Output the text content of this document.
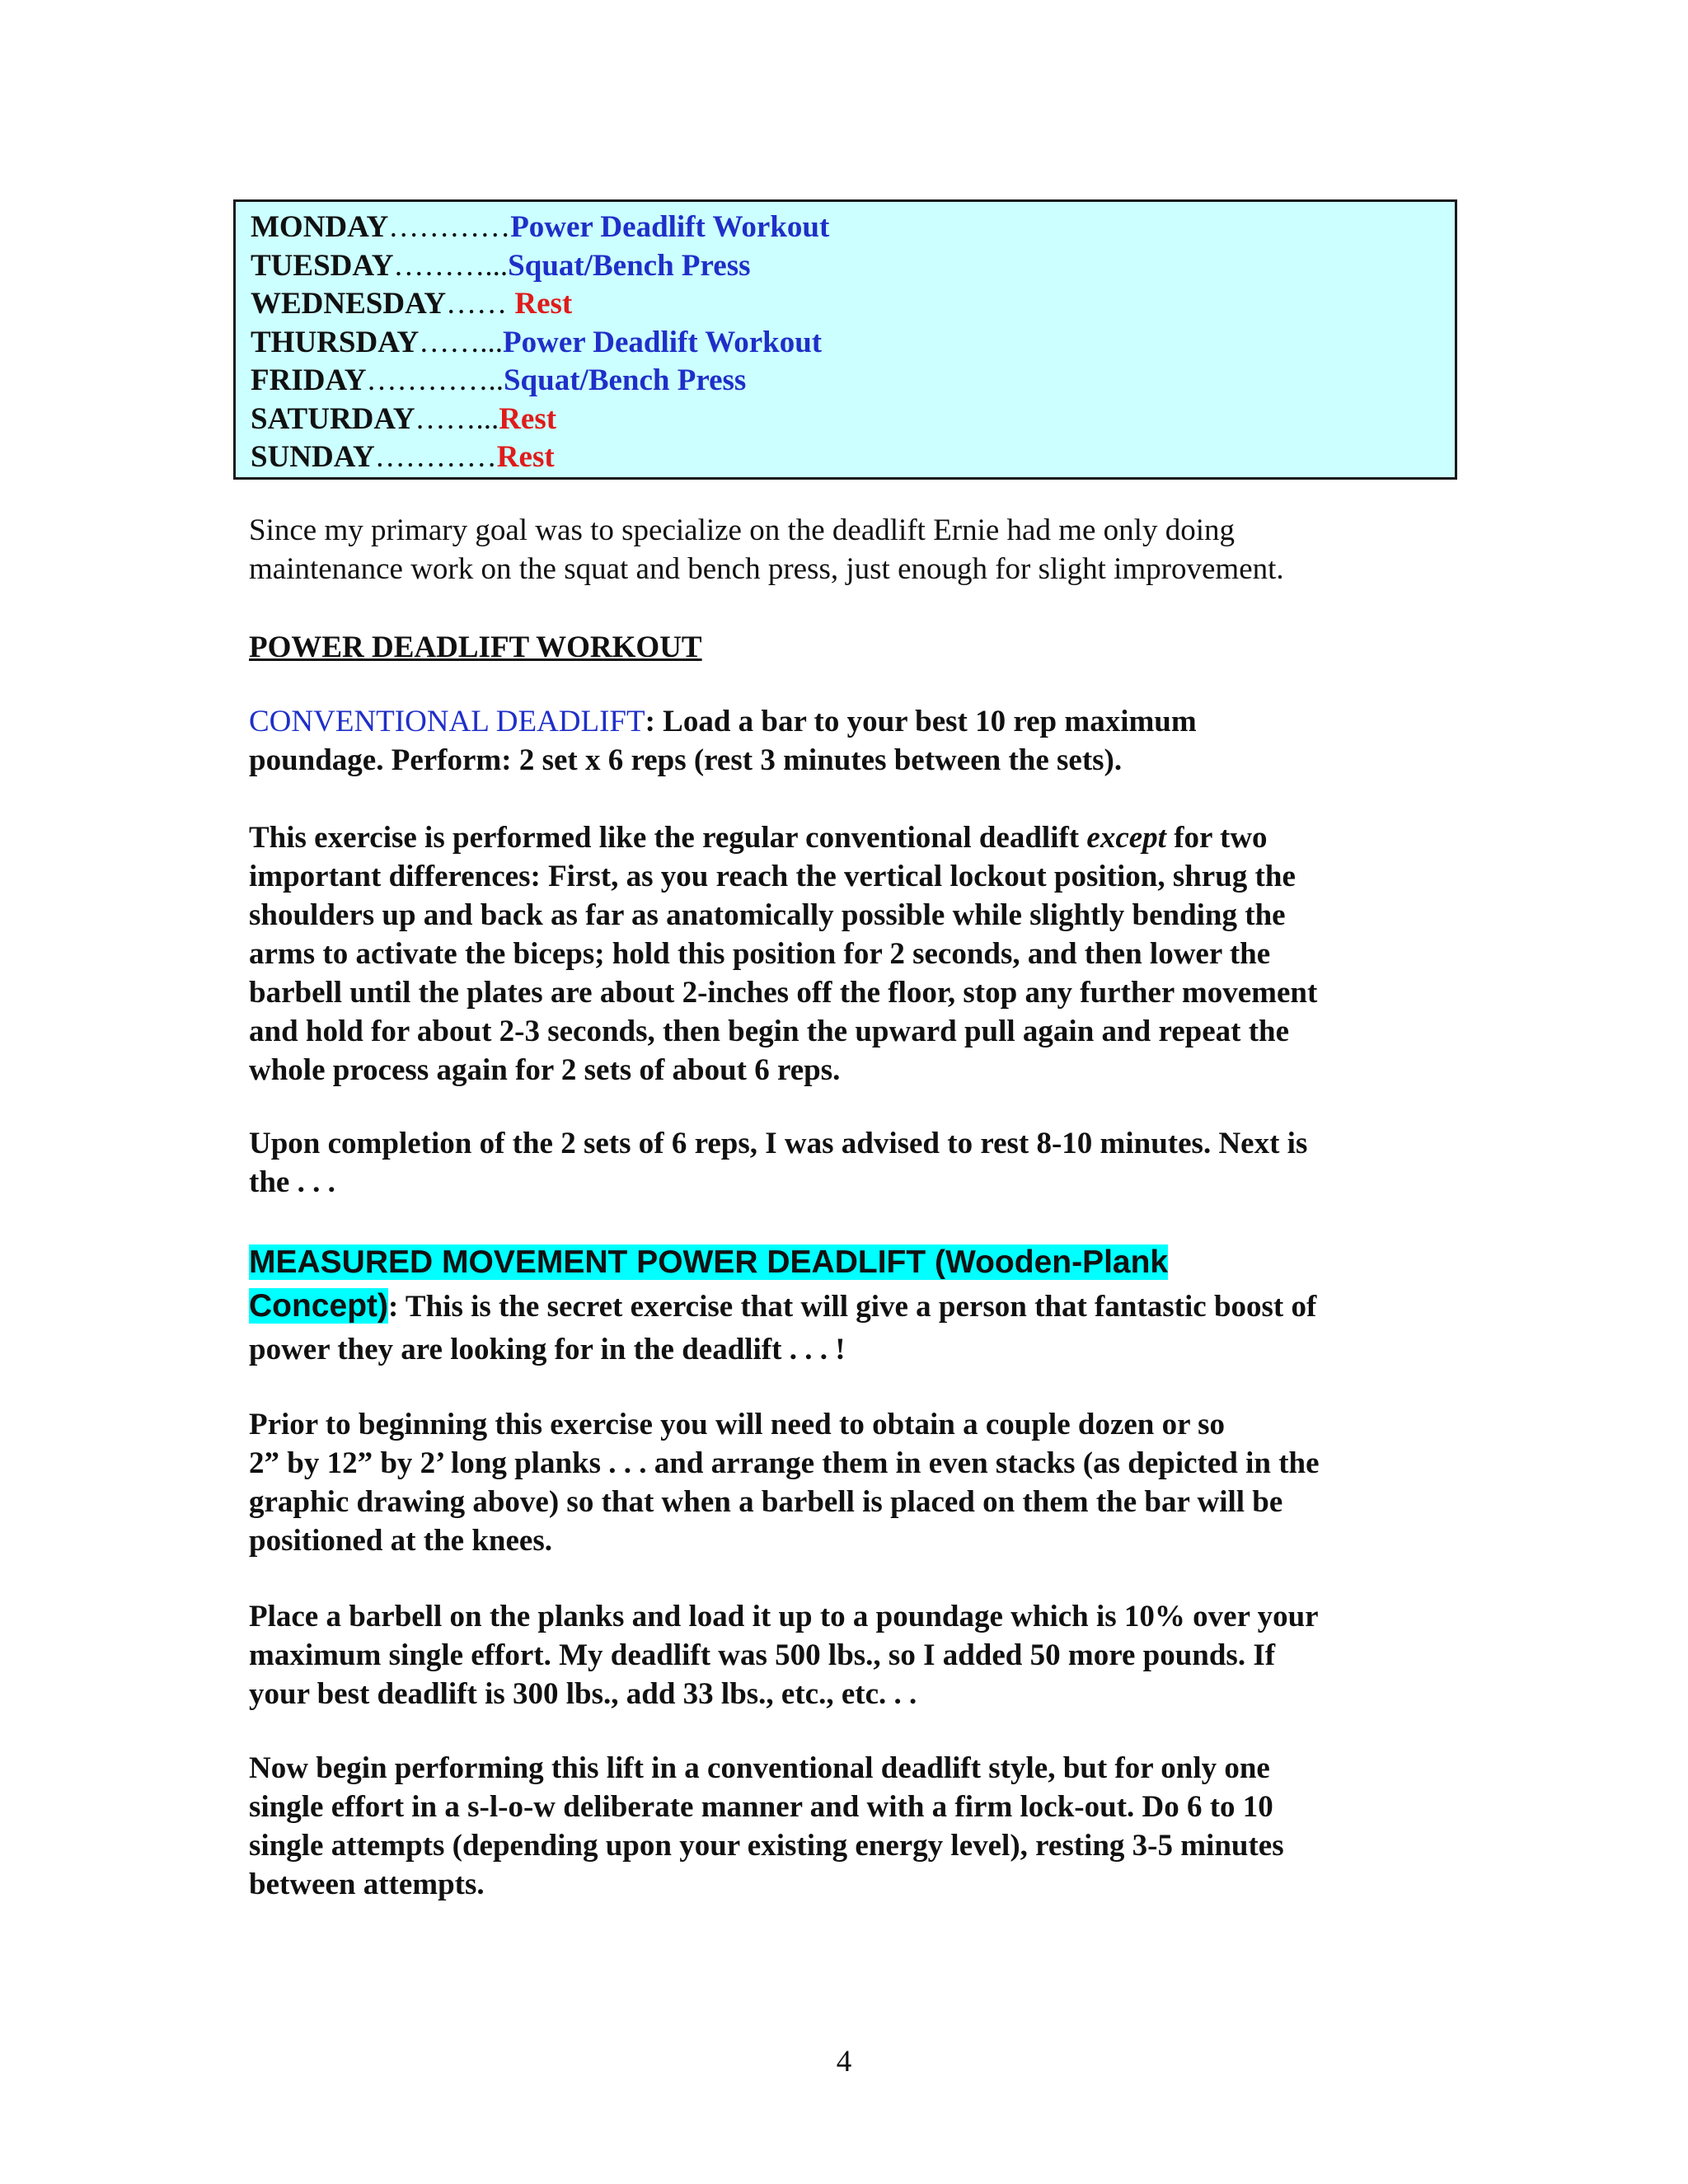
MONDAY…………Power Deadlift Workout
TUESDAY………...Squat/Bench Press
WEDNESDAY…… Rest
THURSDAY……...Power Deadlift Workout
FRIDAY…………..Squat/Bench Press
SATURDAY……...Rest
SUNDAY…………Rest

Since my primary goal was to specialize on the deadlift Ernie had me only doing
maintenance work on the squat and bench press, just enough for slight improvement.

POWER DEADLIFT WORKOUT

CONVENTIONAL DEADLIFT: Load a bar to your best 10 rep maximum
poundage. Perform: 2 set x 6 reps (rest 3 minutes between the sets).

This exercise is performed like the regular conventional deadlift except for two
important differences: First, as you reach the vertical lockout position, shrug the
shoulders up and back as far as anatomically possible while slightly bending the
arms to activate the biceps; hold this position for 2 seconds, and then lower the
barbell until the plates are about 2-inches off the floor, stop any further movement
and hold for about 2-3 seconds, then begin the upward pull again and repeat the
whole process again for 2 sets of about 6 reps.

Upon completion of the 2 sets of 6 reps, I was advised to rest 8-10 minutes. Next is
the . . .

MEASURED MOVEMENT POWER DEADLIFT (Wooden-Plank
Concept): This is the secret exercise that will give a person that fantastic boost of
power they are looking for in the deadlift . . . !

Prior to beginning this exercise you will need to obtain a couple dozen or so
2” by 12” by 2’ long planks . . . and arrange them in even stacks (as depicted in the
graphic drawing above) so that when a barbell is placed on them the bar will be
positioned at the knees.

Place a barbell on the planks and load it up to a poundage which is 10% over your
maximum single effort. My deadlift was 500 lbs., so I added 50 more pounds. If
your best deadlift is 300 lbs., add 33 lbs., etc., etc. . .

Now begin performing this lift in a conventional deadlift style, but for only one
single effort in a s-l-o-w deliberate manner and with a firm lock-out. Do 6 to 10
single attempts (depending upon your existing energy level), resting 3-5 minutes
between attempts.

4
